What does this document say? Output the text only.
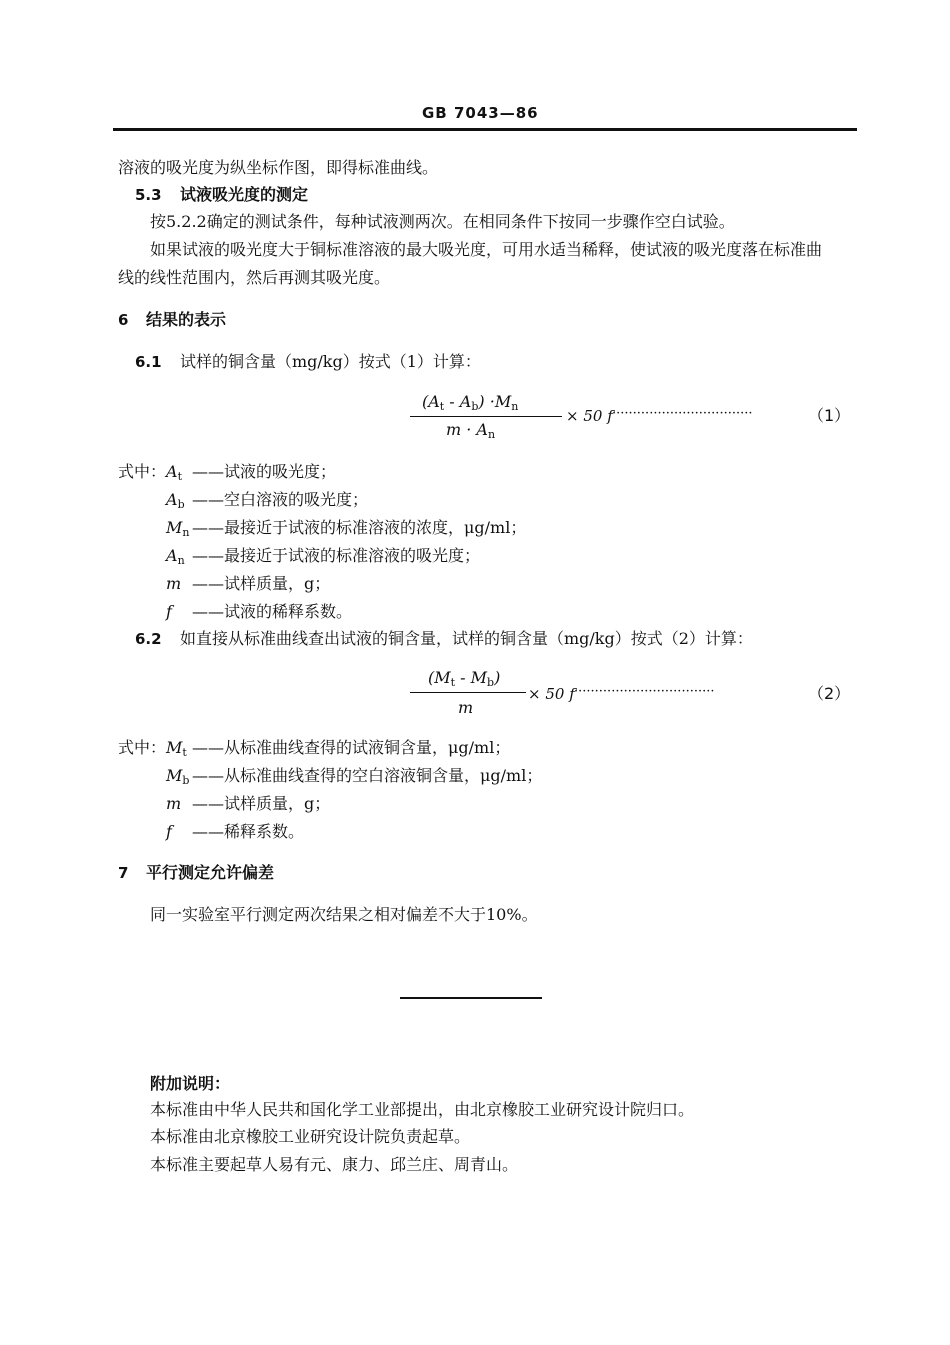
GB 7043—86
溶液的吸光度为纵坐标作图，即得标准曲线。
5.3 试液吸光度的测定
按5.2.2确定的测试条件，每种试液测两次。在相同条件下按同一步骤作空白试验。
如果试液的吸光度大于铜标准溶液的最大吸光度，可用水适当稀释，使试液的吸光度落在标准曲
线的线性范围内，然后再测其吸光度。
6 结果的表示
6.1 试样的铜含量（mg/kg）按式（1）计算：
$(A_t - A_b) \cdot M_n$
$m \cdot A_n$
× 50 f ··································	（1）
式中： $A_t$ ——试液的吸光度；
$A_b$ ——空白溶液的吸光度；
$M_n$ ——最接近于试液的标准溶液的浓度，μg/ml；
$A_n$ ——最接近于试液的标准溶液的吸光度；
m ——试样质量，g；
f ——试液的稀释系数。
6.2 如直接从标准曲线查出试液的铜含量，试样的铜含量（mg/kg）按式（2）计算：
$(M_t - M_b)$
m
× 50 f ··································	（2）
式中： $M_t$ ——从标准曲线查得的试液铜含量，μg/ml；
$M_b$ ——从标准曲线查得的空白溶液铜含量，μg/ml；
m ——试样质量，g；
f ——稀释系数。
7 平行测定允许偏差
同一实验室平行测定两次结果之相对偏差不大于10%。
附加说明：
本标准由中华人民共和国化学工业部提出，由北京橡胶工业研究设计院归口。
本标准由北京橡胶工业研究设计院负责起草。
本标准主要起草人易有元、康力、邱兰庄、周青山。
